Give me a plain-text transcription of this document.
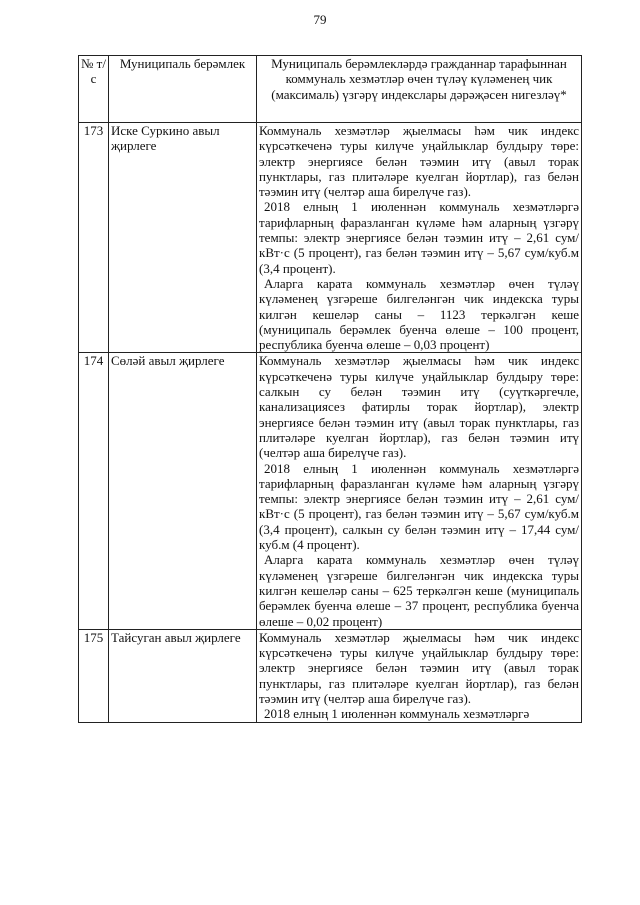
79
№ т/с	Муниципаль берәмлек	Муниципаль берәмлекләрдә гражданнар тарафыннан коммуналь хезмәтләр өчен түләү күләменең чик (максималь) үзгәрү индекслары дәрәҗәсен нигезләү*

173	Иске Суркино авыл җирлеге	Коммуналь хезмәтләр җыелмасы һәм чик индекс күрсәткеченә туры килүче уңайлыклар булдыру төре: электр энергиясе белән тәэмин итү (авыл торак пунктлары, газ плитәләре куелган йортлар), газ белән тәэмин итү (челтәр аша бирелүче газ).

2018 елның 1 июленнән коммуналь хезмәтләргә тарифларның фаразланган күләме һәм аларның үзгәрү темпы: электр энергиясе белән тәэмин итү – 2,61 сум/кВт·с (5 процент), газ белән тәэмин итү – 5,67 сум/куб.м (3,4 процент).

Аларга карата коммуналь хезмәтләр өчен түләү күләменең үзгәреше билгеләнгән чик индекска туры килгән кешеләр саны – 1123 теркәлгән кеше (муниципаль берәмлек буенча өлеше – 100 процент, республика буенча өлеше – 0,03 процент)

174	Сөләй авыл җирлеге	Коммуналь хезмәтләр җыелмасы һәм чик индекс күрсәткеченә туры килүче уңайлыклар булдыру төре: салкын су белән тәэмин итү (суүткәргечле, канализациясез фатирлы торак йортлар), электр энергиясе белән тәэмин итү (авыл торак пунктлары, газ плитәләре куелган йортлар), газ белән тәэмин итү (челтәр аша бирелүче газ).

2018 елның 1 июленнән коммуналь хезмәтләргә тарифларның фаразланган күләме һәм аларның үзгәрү темпы: электр энергиясе белән тәэмин итү – 2,61 сум/кВт·с (5 процент), газ белән тәэмин итү – 5,67 сум/куб.м (3,4 процент), салкын су белән тәэмин итү – 17,44 сум/куб.м (4 процент).

Аларга карата коммуналь хезмәтләр өчен түләү күләменең үзгәреше билгеләнгән чик индекска туры килгән кешеләр саны – 625 теркәлгән кеше (муниципаль берәмлек буенча өлеше – 37 процент, республика буенча өлеше – 0,02 процент)

175	Тайсуган авыл җирлеге	Коммуналь хезмәтләр җыелмасы һәм чик индекс күрсәткеченә туры килүче уңайлыклар булдыру төре: электр энергиясе белән тәэмин итү (авыл торак пунктлары, газ плитәләре куелган йортлар), газ белән тәэмин итү (челтәр аша бирелүче газ).

2018 елның 1 июленнән коммуналь хезмәтләргә
